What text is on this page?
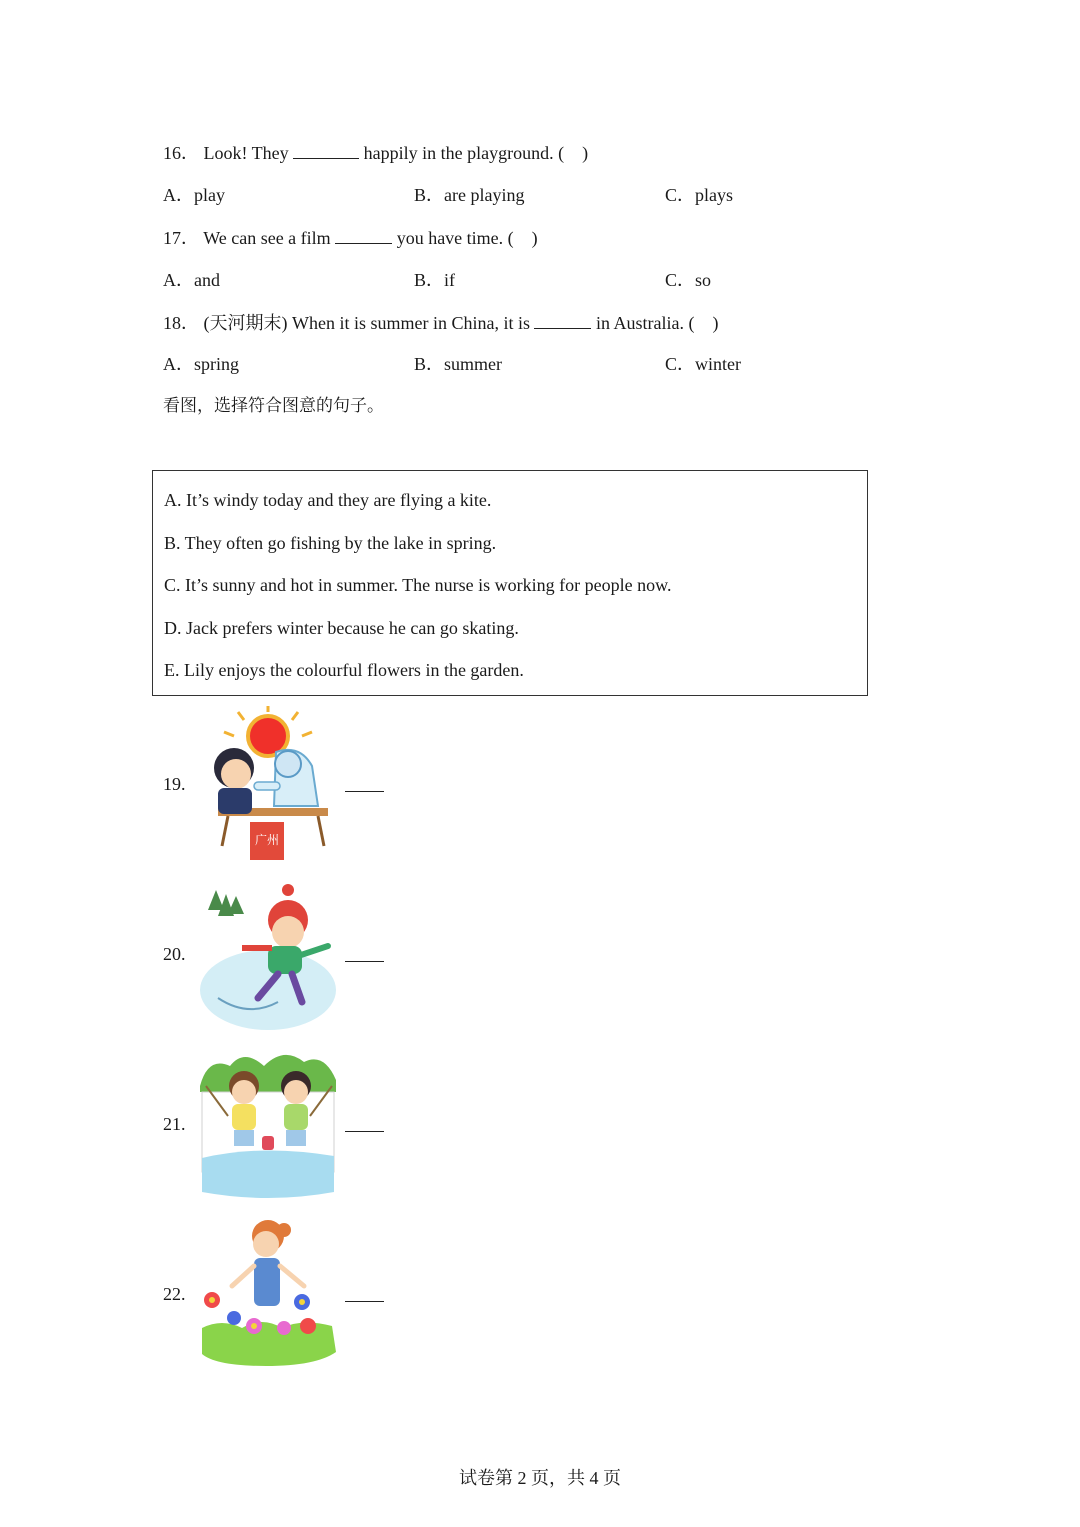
16． Look! They	happily in the playground. (　)
A．play	B．are playing	C．plays
17． We can see a film	you have time. (　)
A．and	B．if	C．so
18． (天河期末) When it is summer in China, it is	in Australia. (　)
A．spring	B．summer	C．winter
看图，选择符合图意的句子。
A. It’s windy today and they are flying a kite.
B. They often go fishing by the lake in spring.
C. It’s sunny and hot in summer. The nurse is working for people now.
D. Jack prefers winter because he can go skating.
E. Lily enjoys the colourful flowers in the garden.
19.
广州
20.
21.
22.
试卷第 2 页，共 4 页
